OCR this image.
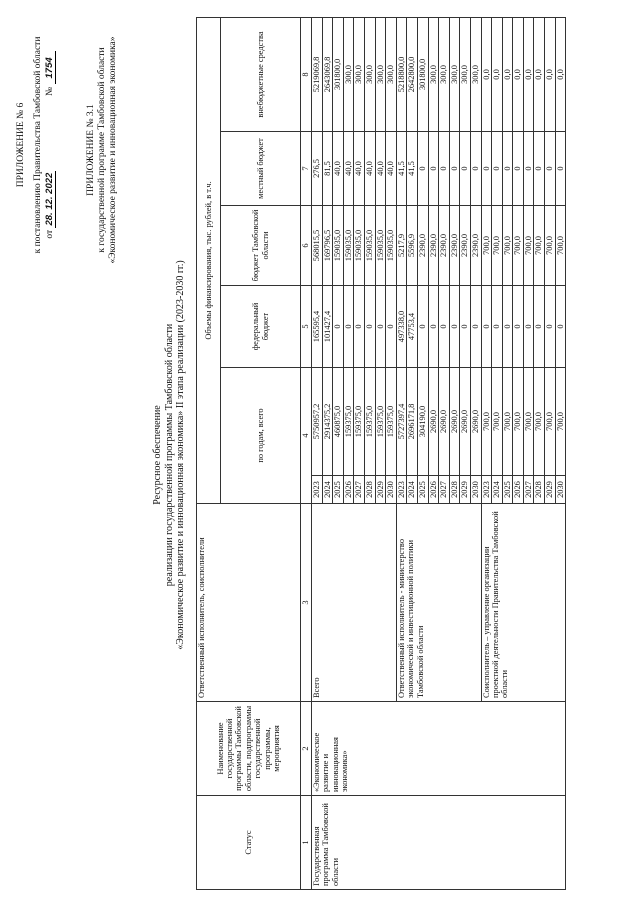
ПРИЛОЖЕНИЕ № 6 к постановлению Правительства Тамбовской области от 28. 12. 2022  № 1754
ПРИЛОЖЕНИЕ № 3.1 к государственной программе Тамбовской области «Экономическое развитие и инновационная экономика»
Ресурсное обеспечение реализации государственной программы Тамбовской области «Экономическое развитие и инновационная экономика» II этапа реализации (2023-2030 гг.)
Статус	Наименование государственной программы Тамбовской области, подпрограммы государственной программы, мероприятия	Ответственный исполнитель, соисполнители	Объемы финансирования, тыс. рублей, в т.ч.					
			по годам, всего		федеральный бюджет	бюджет Тамбовской области	местный бюджет	внебюджетные средства
1	2	3	4		5	6	7	8
Государственная программа Тамбовской области	«Экономическое развитие и инновационная экономика»	Всего	2023	5750957,2	165595,4	568015,5	276,5	5219069,8
			2024	2914375,2	101427,4	169796,5	81,5	2643069,8
			2025	460875,0	0	159035,0	40,0	301800,0
			2026	159375,0	0	159035,0	40,0	300,0
			2027	159375,0	0	159035,0	40,0	300,0
			2028	159375,0	0	159035,0	40,0	300,0
			2029	159375,0	0	159035,0	40,0	300,0
			2030	159375,0	0	159035,0	40,0	300,0
		Ответственный исполнитель - министерство экономической и инвестиционной политики Тамбовской области	2023	5727397,4	497338,0	5217,9	41,5	5218800,0
			2024	2696171,8	47753,4	5596,9	41,5	2642800,0
			2025	304190,0	0	2390,0	0	301800,0
			2026	2690,0	0	2390,0	0	300,0
			2027	2690,0	0	2390,0	0	300,0
			2028	2690,0	0	2390,0	0	300,0
			2029	2690,0	0	2390,0	0	300,0
			2030	2690,0	0	2390,0	0	300,0
		Соисполнитель – управление организации проектной деятельности Правительства Тамбовской области	2023	700,0	0	700,0	0	0,0
			2024	700,0	0	700,0	0	0,0
			2025	700,0	0	700,0	0	0,0
			2026	700,0	0	700,0	0	0,0
			2027	700,0	0	700,0	0	0,0
			2028	700,0	0	700,0	0	0,0
			2029	700,0	0	700,0	0	0,0
			2030	700,0	0	700,0	0	0,0
